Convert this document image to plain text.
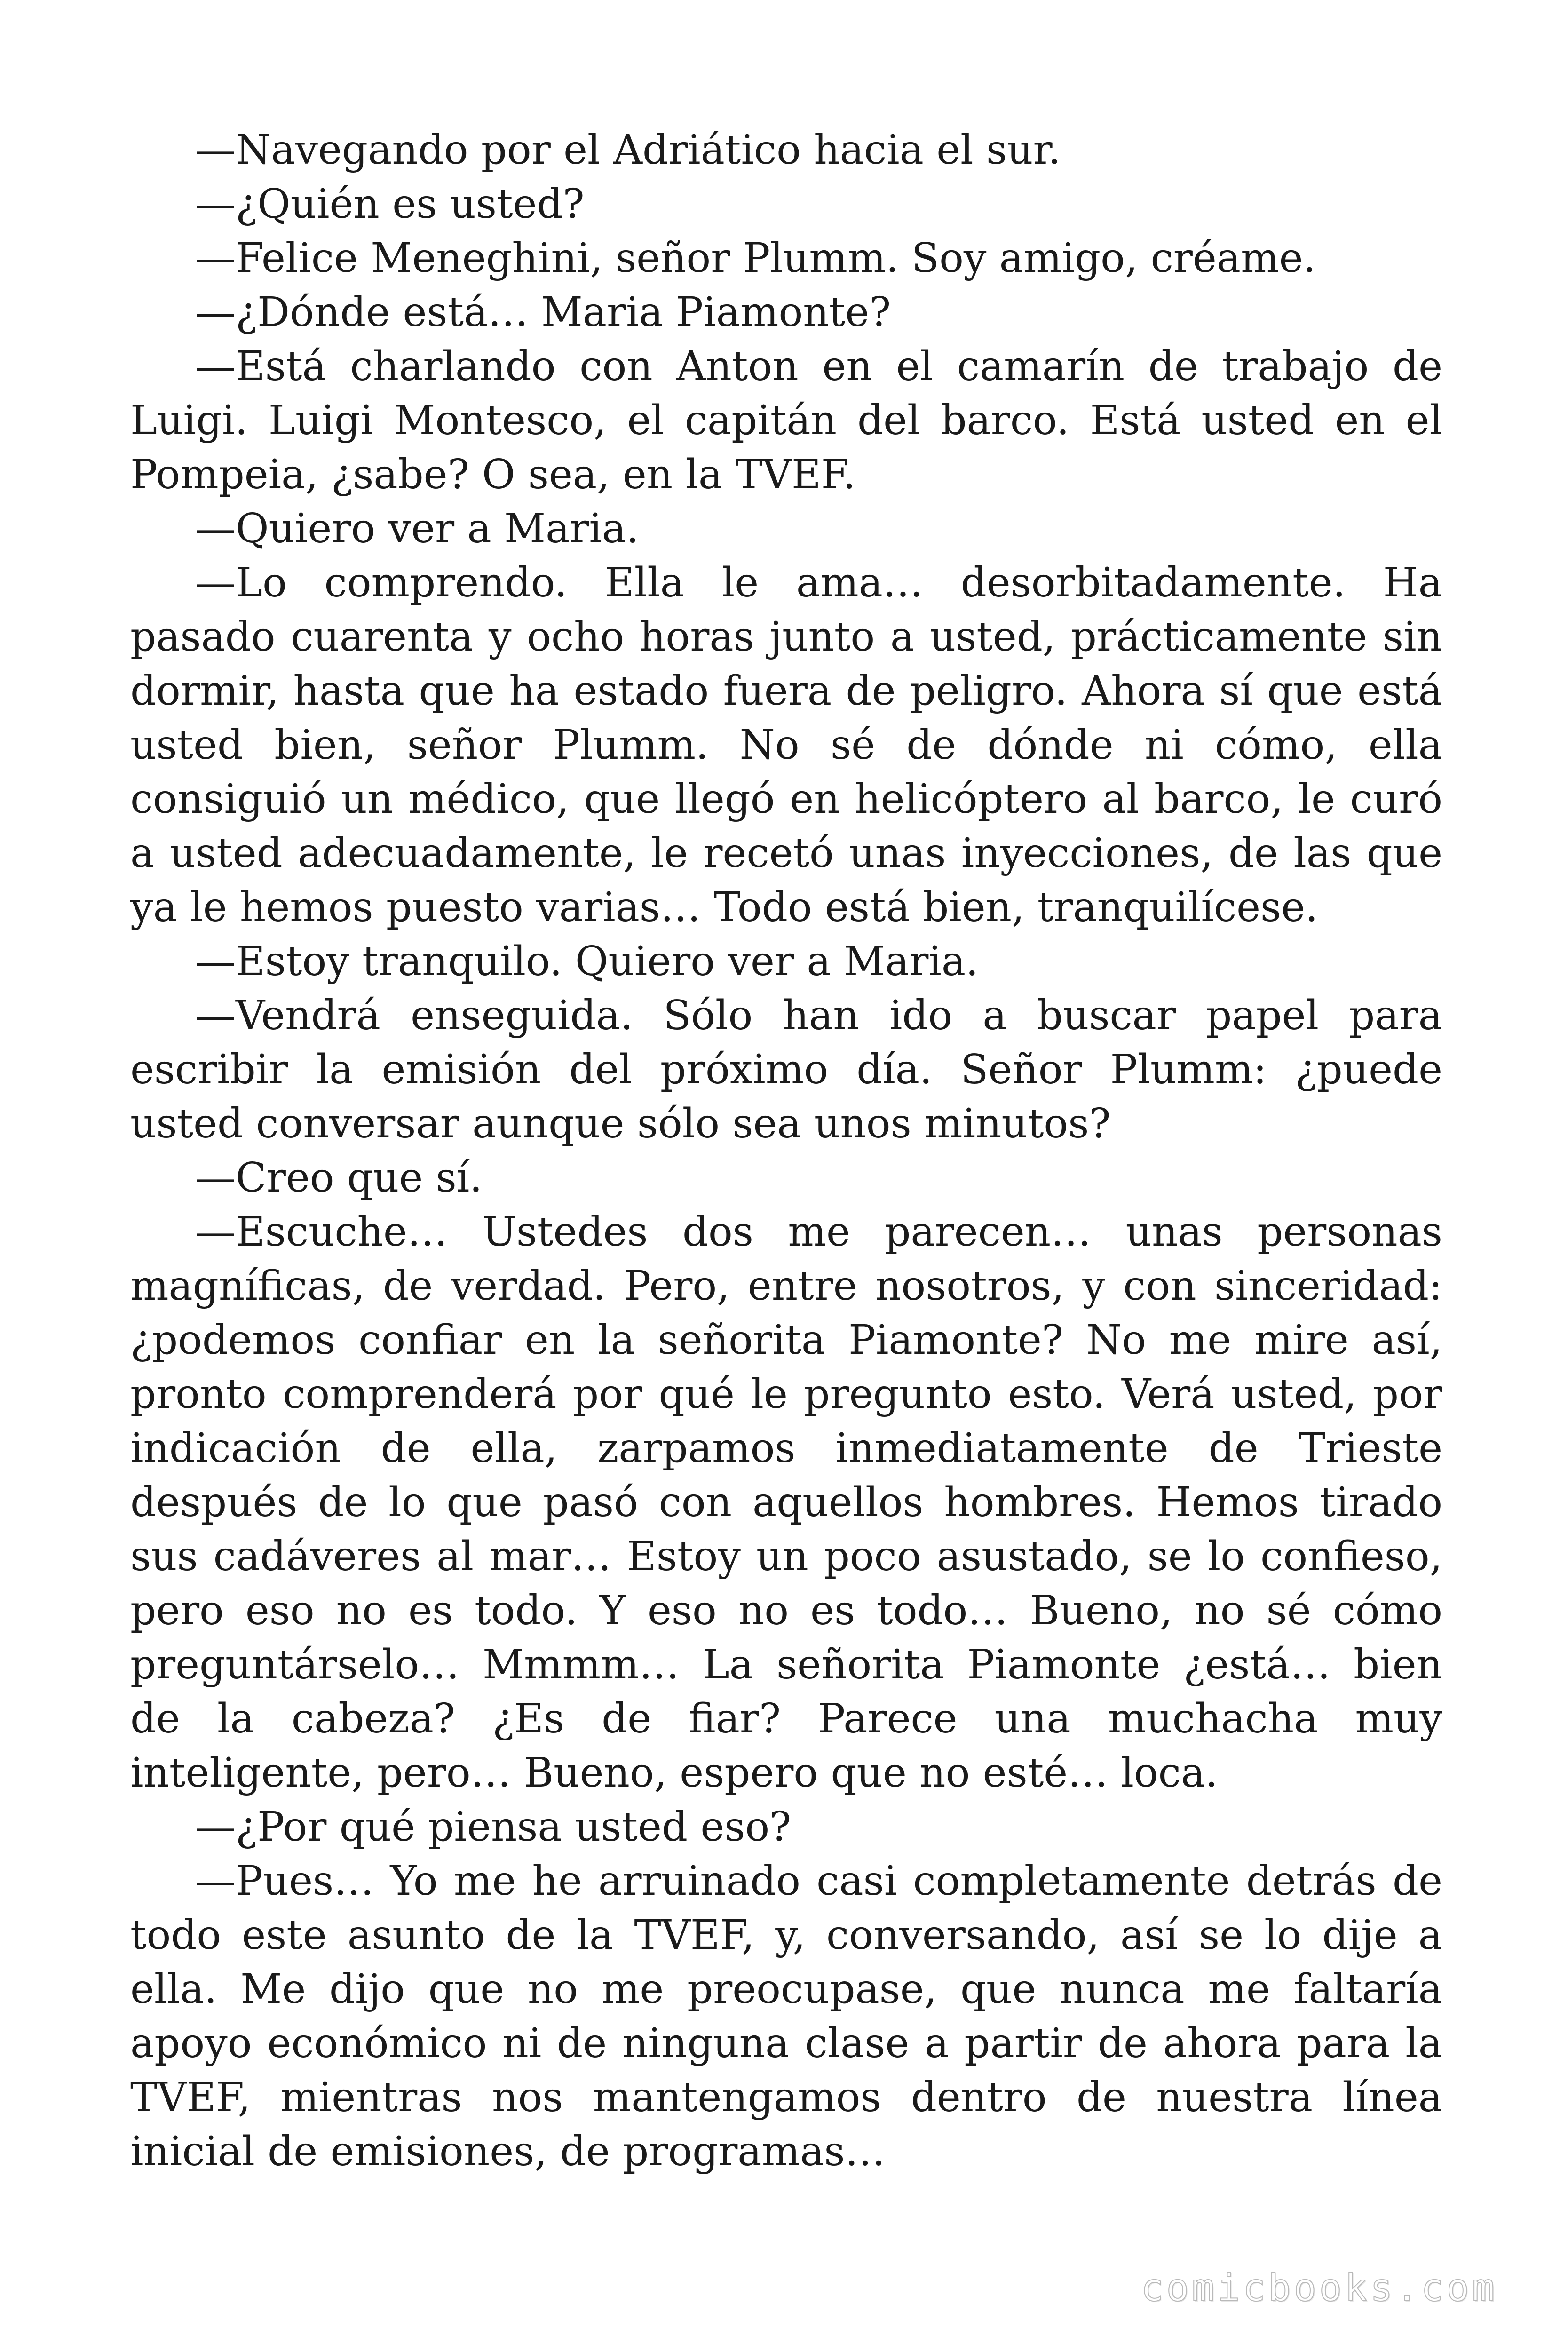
—Navegando por el Adriático hacia el sur.

—¿Quién es usted?

—Felice Meneghini, señor Plumm. Soy amigo, créame.

—¿Dónde está… Maria Piamonte?

—Está charlando con Anton en el camarín de trabajo de Luigi. Luigi Montesco, el capitán del barco. Está usted en el Pompeia, ¿sabe? O sea, en la TVEF.

—Quiero ver a Maria.

—Lo comprendo. Ella le ama… desorbitadamente. Ha pasado cuarenta y ocho horas junto a usted, prácticamente sin dormir, hasta que ha estado fuera de peligro. Ahora sí que está usted bien, señor Plumm. No sé de dónde ni cómo, ella consiguió un médico, que llegó en helicóptero al barco, le curó a usted adecuadamente, le recetó unas inyecciones, de las que ya le hemos puesto varias… Todo está bien, tranquilícese.

—Estoy tranquilo. Quiero ver a Maria.

—Vendrá enseguida. Sólo han ido a buscar papel para escribir la emisión del próximo día. Señor Plumm: ¿puede usted conversar aunque sólo sea unos minutos?

—Creo que sí.

—Escuche… Ustedes dos me parecen… unas personas magníficas, de verdad. Pero, entre nosotros, y con sinceridad: ¿podemos confiar en la señorita Piamonte? No me mire así, pronto comprenderá por qué le pregunto esto. Verá usted, por indicación de ella, zarpamos inmediatamente de Trieste después de lo que pasó con aquellos hombres. Hemos tirado sus cadáveres al mar… Estoy un poco asustado, se lo confieso, pero eso no es todo. Y eso no es todo… Bueno, no sé cómo preguntárselo… Mmmm… La señorita Piamonte ¿está… bien de la cabeza? ¿Es de fiar? Parece una muchacha muy inteligente, pero… Bueno, espero que no esté… loca.

—¿Por qué piensa usted eso?

—Pues… Yo me he arruinado casi completamente detrás de todo este asunto de la TVEF, y, conversando, así se lo dije a ella. Me dijo que no me preocupase, que nunca me faltaría apoyo económico ni de ninguna clase a partir de ahora para la TVEF, mientras nos mantengamos dentro de nuestra línea inicial de emisiones, de programas…

comicbooks.com
